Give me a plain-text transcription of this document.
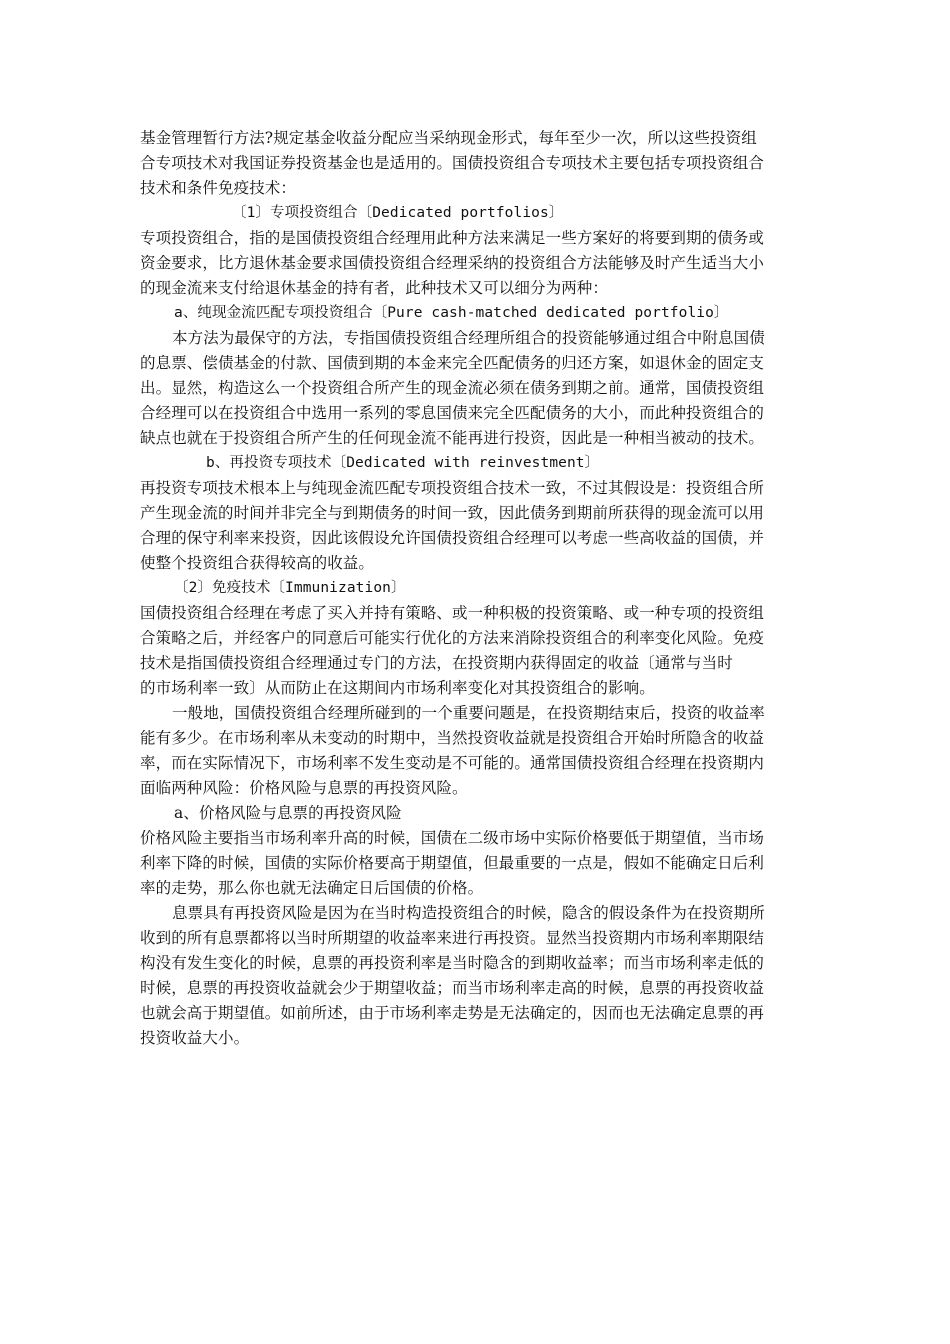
基金管理暂行方法?规定基金收益分配应当采纳现金形式，每年至少一次，所以这些投资组
合专项技术对我国证券投资基金也是适用的。国债投资组合专项技术主要包括专项投资组合
技术和条件免疫技术：
〔1〕专项投资组合〔Dedicated portfolios〕
专项投资组合，指的是国债投资组合经理用此种方法来满足一些方案好的将要到期的债务或
资金要求，比方退休基金要求国债投资组合经理采纳的投资组合方法能够及时产生适当大小
的现金流来支付给退休基金的持有者，此种技术又可以细分为两种：
a、纯现金流匹配专项投资组合〔Pure cash-matched dedicated portfolio〕
本方法为最保守的方法，专指国债投资组合经理所组合的投资能够通过组合中附息国债
的息票、偿债基金的付款、国债到期的本金来完全匹配债务的归还方案，如退休金的固定支
出。显然，构造这么一个投资组合所产生的现金流必须在债务到期之前。通常，国债投资组
合经理可以在投资组合中选用一系列的零息国债来完全匹配债务的大小，而此种投资组合的
缺点也就在于投资组合所产生的任何现金流不能再进行投资，因此是一种相当被动的技术。
b、再投资专项技术〔Dedicated with reinvestment〕
再投资专项技术根本上与纯现金流匹配专项投资组合技术一致，不过其假设是：投资组合所
产生现金流的时间并非完全与到期债务的时间一致，因此债务到期前所获得的现金流可以用
合理的保守利率来投资，因此该假设允许国债投资组合经理可以考虑一些高收益的国债，并
使整个投资组合获得较高的收益。
〔2〕免疫技术〔Immunization〕
国债投资组合经理在考虑了买入并持有策略、或一种积极的投资策略、或一种专项的投资组
合策略之后，并经客户的同意后可能实行优化的方法来消除投资组合的利率变化风险。免疫
技术是指国债投资组合经理通过专门的方法，在投资期内获得固定的收益〔通常与当时
的市场利率一致〕从而防止在这期间内市场利率变化对其投资组合的影响。
一般地，国债投资组合经理所碰到的一个重要问题是，在投资期结束后，投资的收益率
能有多少。在市场利率从未变动的时期中，当然投资收益就是投资组合开始时所隐含的收益
率，而在实际情况下，市场利率不发生变动是不可能的。通常国债投资组合经理在投资期内
面临两种风险：价格风险与息票的再投资风险。
a、价格风险与息票的再投资风险
价格风险主要指当市场利率升高的时候，国债在二级市场中实际价格要低于期望值，当市场
利率下降的时候，国债的实际价格要高于期望值，但最重要的一点是，假如不能确定日后利
率的走势，那么你也就无法确定日后国债的价格。
息票具有再投资风险是因为在当时构造投资组合的时候，隐含的假设条件为在投资期所
收到的所有息票都将以当时所期望的收益率来进行再投资。显然当投资期内市场利率期限结
构没有发生变化的时候，息票的再投资利率是当时隐含的到期收益率；而当市场利率走低的
时候，息票的再投资收益就会少于期望收益；而当市场利率走高的时候，息票的再投资收益
也就会高于期望值。如前所述，由于市场利率走势是无法确定的，因而也无法确定息票的再
投资收益大小。
